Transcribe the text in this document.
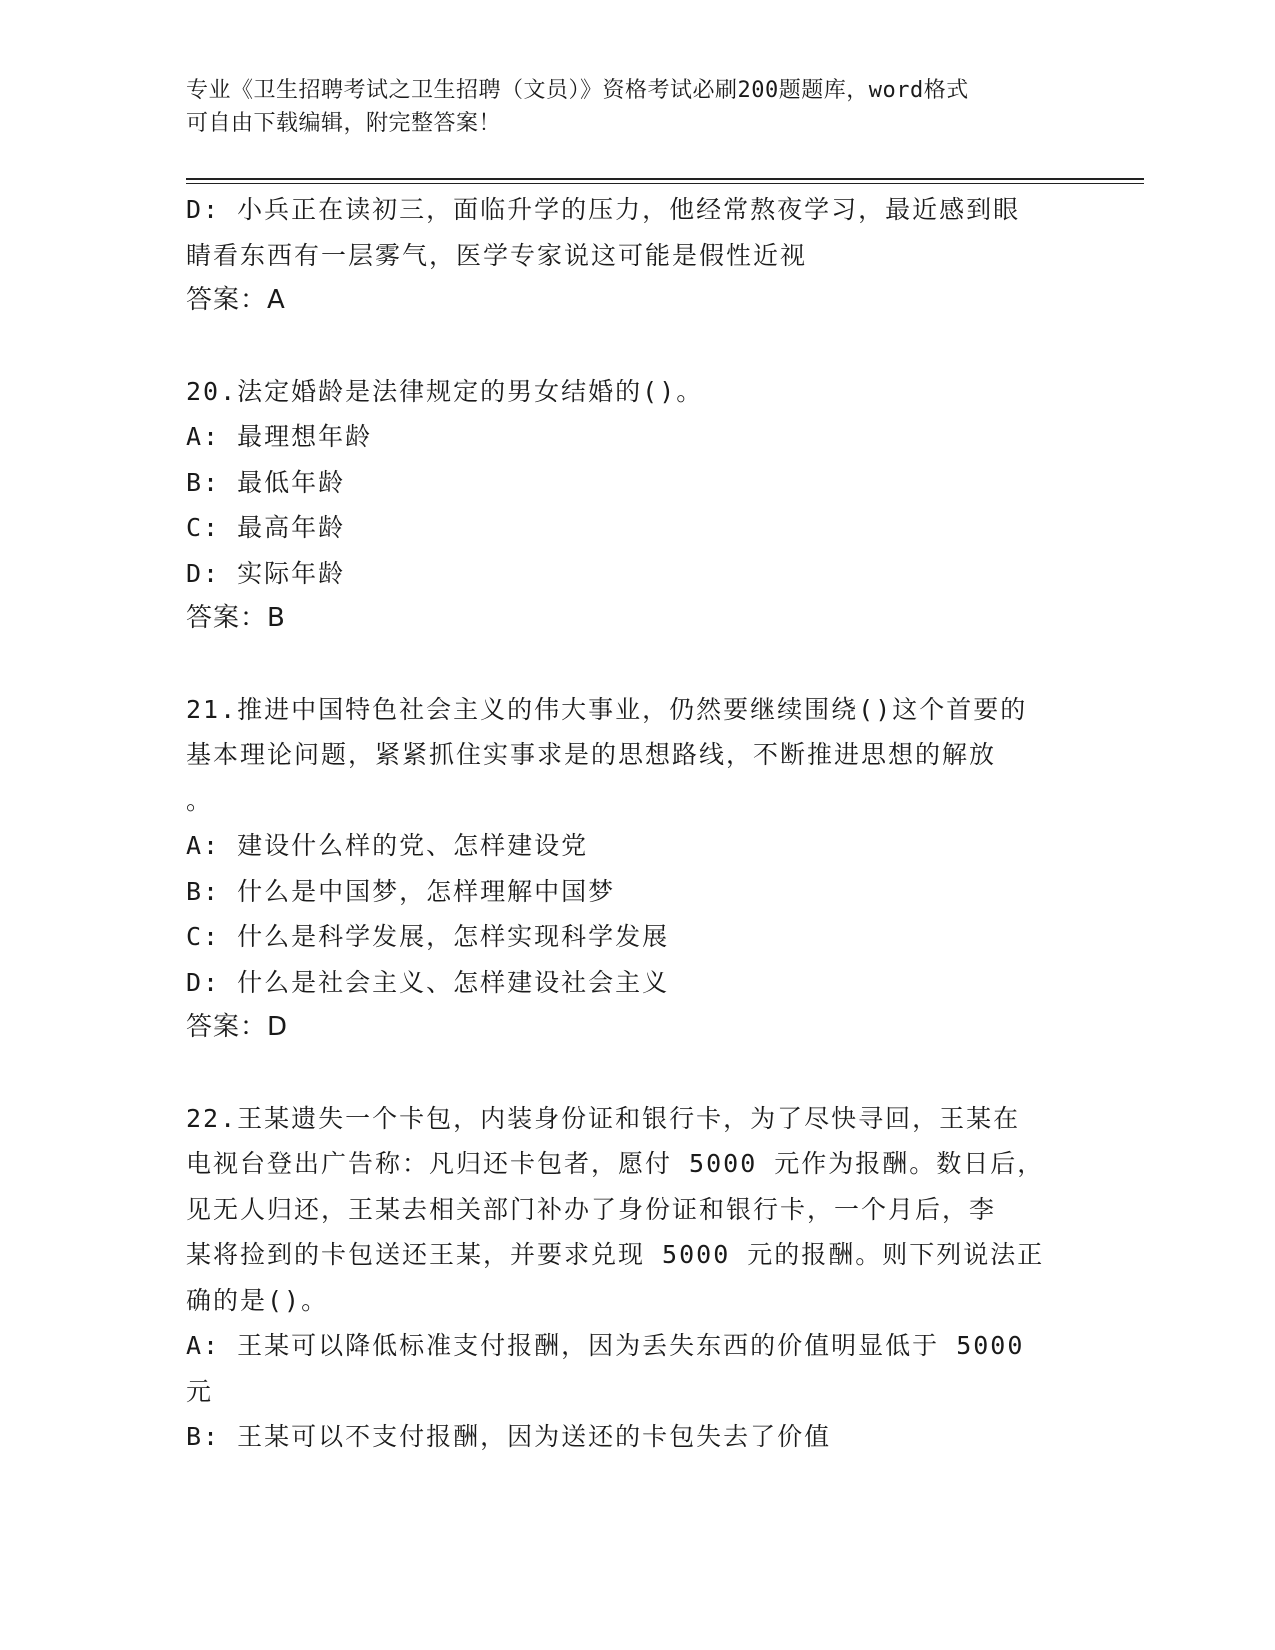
专业《卫生招聘考试之卫生招聘（文员）》资格考试必刷200题题库，word格式
可自由下载编辑，附完整答案！
D: 小兵正在读初三，面临升学的压力，他经常熬夜学习，最近感到眼
睛看东西有一层雾气，医学专家说这可能是假性近视
答案：A
20.法定婚龄是法律规定的男女结婚的()。
A: 最理想年龄
B: 最低年龄
C: 最高年龄
D: 实际年龄
答案：B
21.推进中国特色社会主义的伟大事业，仍然要继续围绕()这个首要的
基本理论问题，紧紧抓住实事求是的思想路线，不断推进思想的解放
。
A: 建设什么样的党、怎样建设党
B: 什么是中国梦，怎样理解中国梦
C: 什么是科学发展，怎样实现科学发展
D: 什么是社会主义、怎样建设社会主义
答案：D
22.王某遗失一个卡包，内装身份证和银行卡，为了尽快寻回，王某在
电视台登出广告称：凡归还卡包者，愿付 5000 元作为报酬。数日后，
见无人归还，王某去相关部门补办了身份证和银行卡，一个月后，李
某将捡到的卡包送还王某，并要求兑现 5000 元的报酬。则下列说法正
确的是()。
A: 王某可以降低标准支付报酬，因为丢失东西的价值明显低于 5000
元
B: 王某可以不支付报酬，因为送还的卡包失去了价值
